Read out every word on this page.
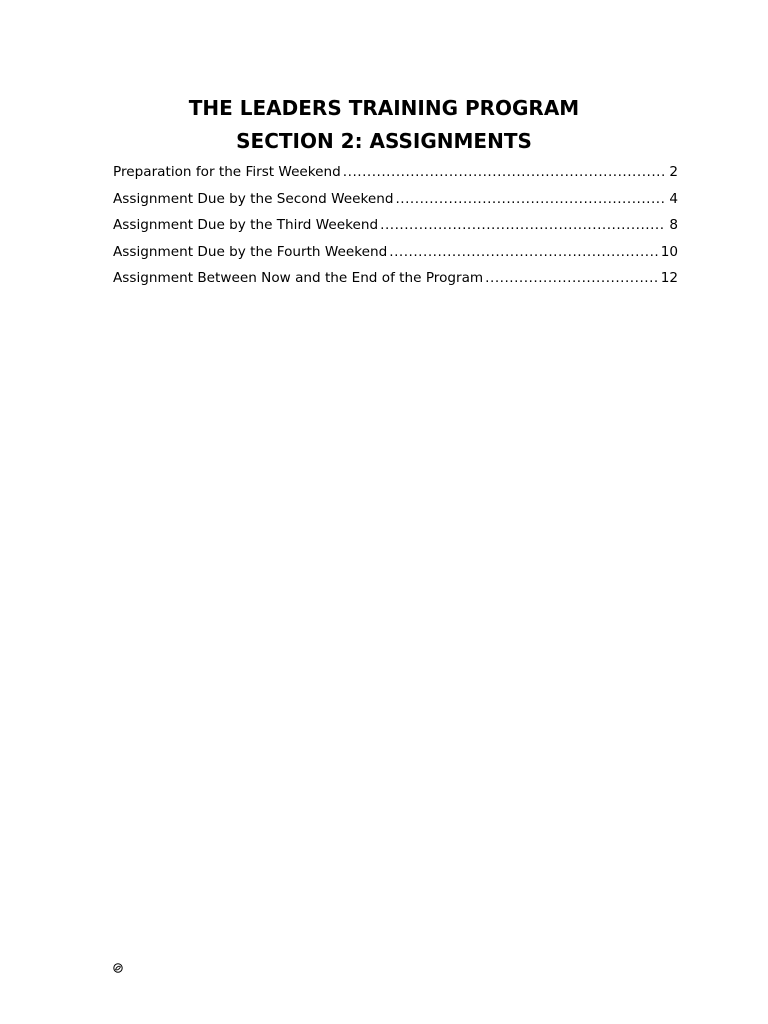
THE LEADERS TRAINING PROGRAM
SECTION 2: ASSIGNMENTS
Preparation for the First Weekend .....	2
Assignment Due by the Second Weekend .....	4
Assignment Due by the Third Weekend .....	8
Assignment Due by the Fourth Weekend .....	10
Assignment Between Now and the End of the Program .....	12
